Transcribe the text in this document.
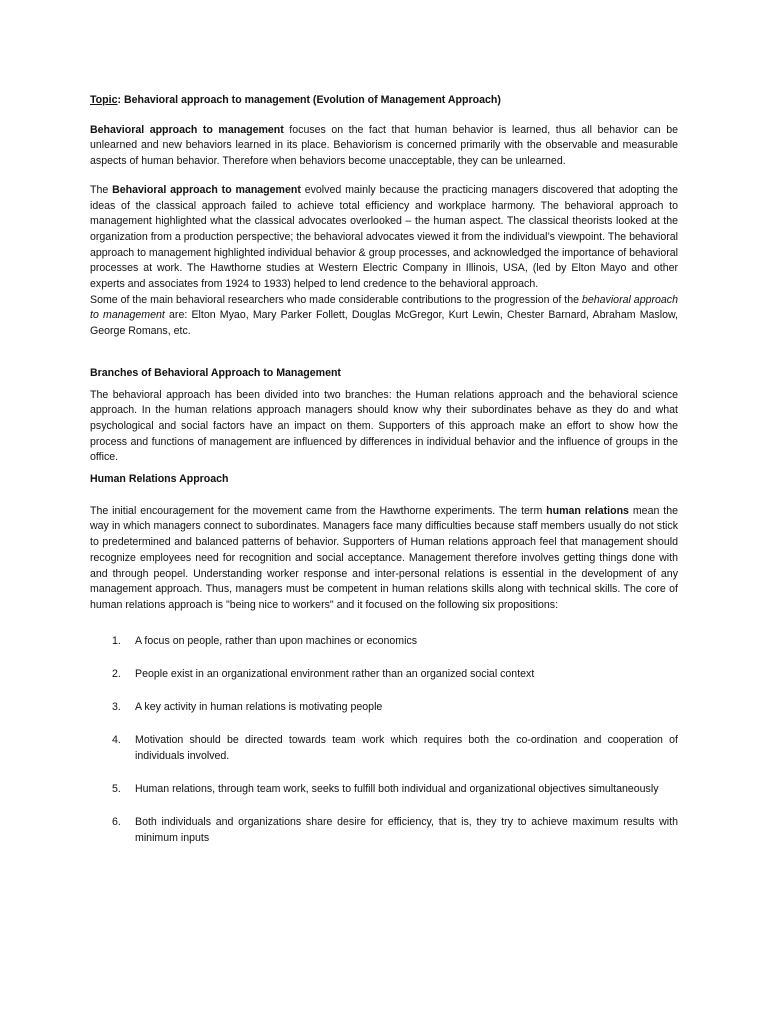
Topic: Behavioral approach to management (Evolution of Management Approach)

Behavioral approach to management focuses on the fact that human behavior is learned, thus all behavior can be unlearned and new behaviors learned in its place. Behaviorism is concerned primarily with the observable and measurable aspects of human behavior. Therefore when behaviors become unacceptable, they can be unlearned.

The Behavioral approach to management evolved mainly because the practicing managers discovered that adopting the ideas of the classical approach failed to achieve total efficiency and workplace harmony. The behavioral approach to management highlighted what the classical advocates overlooked – the human aspect. The classical theorists looked at the organization from a production perspective; the behavioral advocates viewed it from the individual’s viewpoint. The behavioral approach to management highlighted individual behavior & group processes, and acknowledged the importance of behavioral processes at work. The Hawthorne studies at Western Electric Company in Illinois, USA, (led by Elton Mayo and other experts and associates from 1924 to 1933) helped to lend credence to the behavioral approach.

Some of the main behavioral researchers who made considerable contributions to the progression of the behavioral approach to management are: Elton Myao, Mary Parker Follett, Douglas McGregor, Kurt Lewin, Chester Barnard, Abraham Maslow, George Romans, etc.

Branches of Behavioral Approach to Management

The behavioral approach has been divided into two branches: the Human relations approach and the behavioral science approach. In the human relations approach managers should know why their subordinates behave as they do and what psychological and social factors have an impact on them. Supporters of this approach make an effort to show how the process and functions of management are influenced by differences in individual behavior and the influence of groups in the office.

Human Relations Approach

The initial encouragement for the movement came from the Hawthorne experiments. The term human relations mean the way in which managers connect to subordinates. Managers face many difficulties because staff members usually do not stick to predetermined and balanced patterns of behavior. Supporters of Human relations approach feel that management should recognize employees need for recognition and social acceptance. Management therefore involves getting things done with and through peopel. Understanding worker response and inter-personal relations is essential in the development of any management approach. Thus, managers must be competent in human relations skills along with technical skills. The core of human relations approach is "being nice to workers" and it focused on the following six propositions:

1. A focus on people, rather than upon machines or economics
2. People exist in an organizational environment rather than an organized social context
3. A key activity in human relations is motivating people
4. Motivation should be directed towards team work which requires both the co-ordination and cooperation of individuals involved.
5. Human relations, through team work, seeks to fulfill both individual and organizational objectives simultaneously
6. Both individuals and organizations share desire for efficiency, that is, they try to achieve maximum results with minimum inputs
